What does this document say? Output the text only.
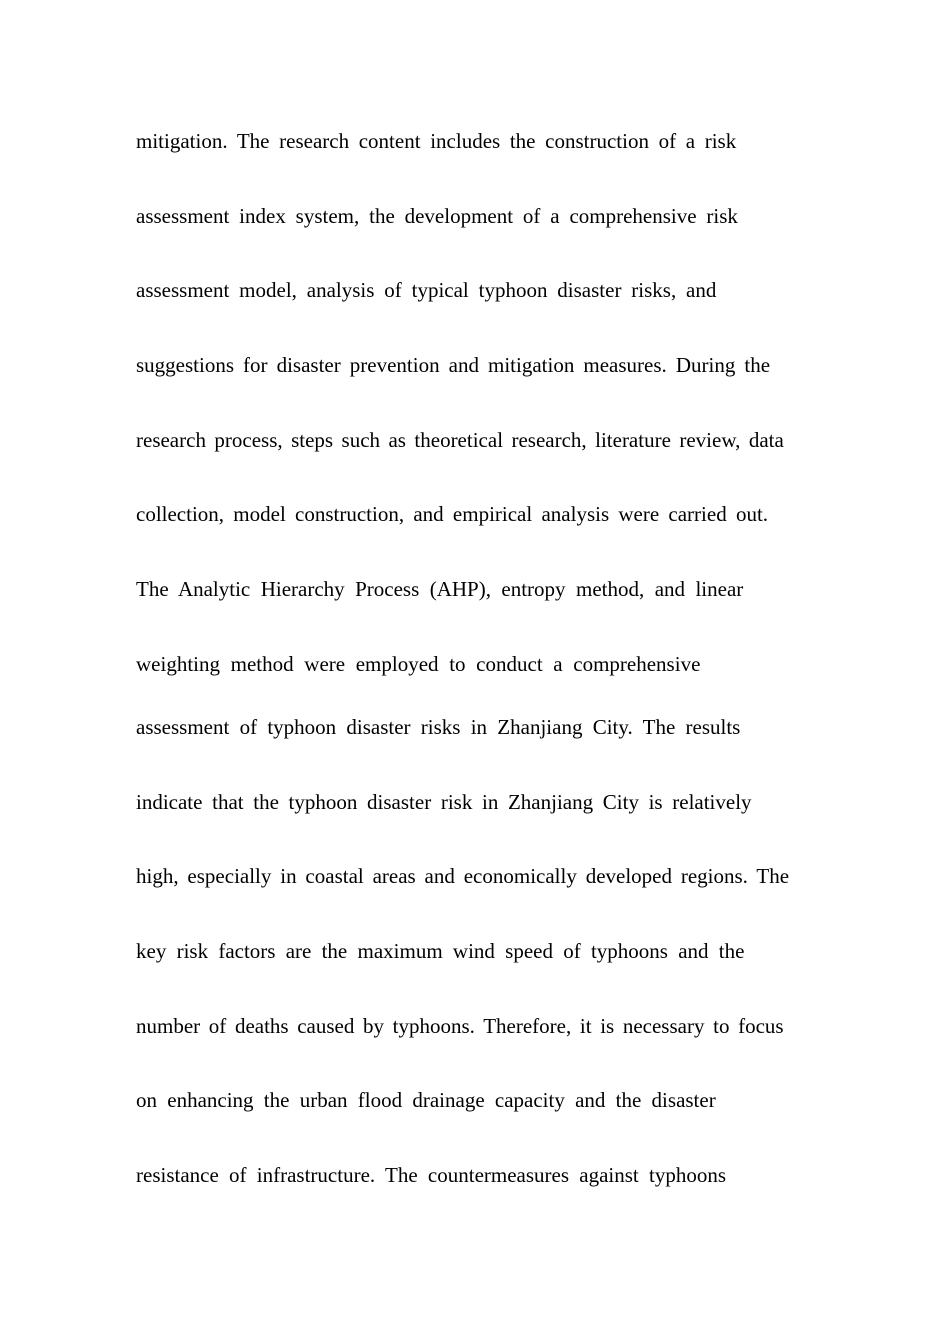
mitigation. The research content includes the construction of a risk
assessment index system, the development of a comprehensive risk
assessment model, analysis of typical typhoon disaster risks, and
suggestions for disaster prevention and mitigation measures. During the
research process, steps such as theoretical research, literature review, data
collection, model construction, and empirical analysis were carried out.
The Analytic Hierarchy Process (AHP), entropy method, and linear
weighting method were employed to conduct a comprehensive
assessment of typhoon disaster risks in Zhanjiang City. The results
indicate that the typhoon disaster risk in Zhanjiang City is relatively
high, especially in coastal areas and economically developed regions. The
key risk factors are the maximum wind speed of typhoons and the
number of deaths caused by typhoons. Therefore, it is necessary to focus
on enhancing the urban flood drainage capacity and the disaster
resistance of infrastructure. The countermeasures against typhoons
